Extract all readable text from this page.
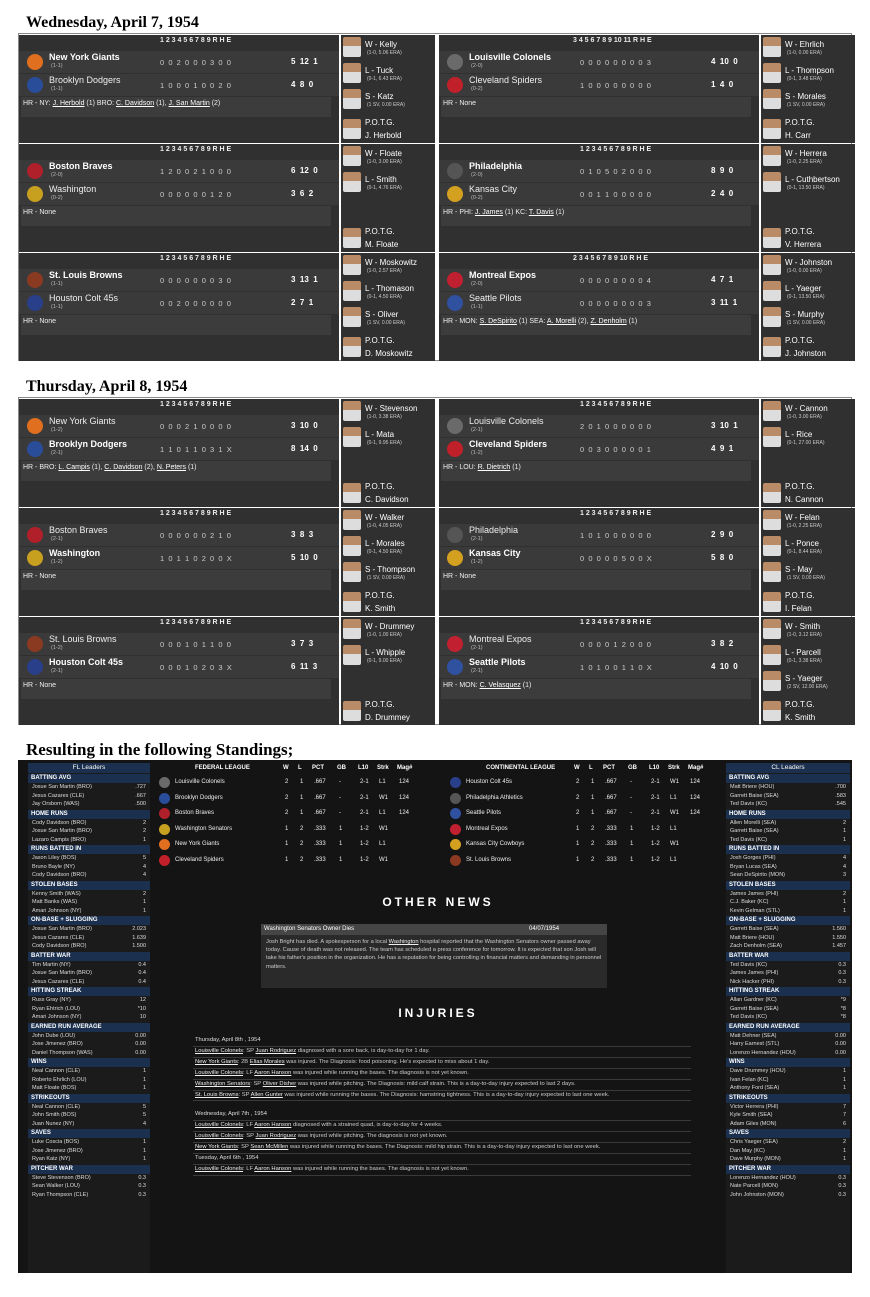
Wednesday, April 7, 1954
1 2 3 4 5 6 7 8 9 R H E
New York Giants
(1-1)	0  0  2  0  0  0  3  0  0	5  12  1
Brooklyn Dodgers
(1-1)	1  0  0  0  1  0  0  2  0	4  8  0
HR - NY: J. Herbold (1) BRO: C. Davidson (1), J. San Martin (2)
W - Kelly
(1-0, 5.06 ERA)
L - Tuck
(0-1, 6.43 ERA)
S - Katz
(1 SV, 0.00 ERA)
P.O.T.G.
J. Herbold
3 4 5 6 7 8 9 10 11 R H E
Louisville Colonels
(2-0)	0  0  0  0  0  0  0  0  3	4  10  0
Cleveland Spiders
(0-2)	1  0  0  0  0  0  0  0  0	1  4  0
HR - None
W - Ehrlich
(1-0, 0.00 ERA)
L - Thompson
(0-1, 3.48 ERA)
S - Morales
(1 SV, 0.00 ERA)
P.O.T.G.
H. Carr
1 2 3 4 5 6 7 8 9 R H E
Boston Braves
(2-0)	1  2  0  0  2  1  0  0  0	6  12  0
Washington
(0-2)	0  0  0  0  0  0  1  2  0	3  6  2
HR - None
W - Floate
(1-0, 3.00 ERA)
L - Smith
(0-1, 4.76 ERA)
P.O.T.G.
M. Floate
1 2 3 4 5 6 7 8 9 R H E
Philadelphia
(2-0)	0  1  0  5  0  2  0  0  0	8  9  0
Kansas City
(0-2)	0  0  1  1  0  0  0  0  0	2  4  0
HR - PHI: J. James (1) KC: T. Davis (1)
W - Herrera
(1-0, 2.25 ERA)
L - Cuthbertson
(0-1, 13.50 ERA)
P.O.T.G.
V. Herrera
1 2 3 4 5 6 7 8 9 R H E
St. Louis Browns
(1-1)	0  0  0  0  0  0  0  3  0	3  13  1
Houston Colt 45s
(1-1)	0  0  2  0  0  0  0  0  0	2  7  1
HR - None
W - Moskowitz
(1-0, 2.57 ERA)
L - Thomason
(0-1, 4.50 ERA)
S - Oliver
(1 SV, 0.00 ERA)
P.O.T.G.
D. Moskowitz
2 3 4 5 6 7 8 9 10 R H E
Montreal Expos
(2-0)	0  0  0  0  0  0  0  0  4	4  7  1
Seattle Pilots
(1-1)	0  0  0  0  0  0  0  0  3	3  11  1
HR - MON: S. DeSpirito (1) SEA: A. Morelli (2), Z. Denholm (1)
W - Johnston
(1-0, 0.00 ERA)
L - Yaeger
(0-1, 13.50 ERA)
S - Murphy
(1 SV, 0.00 ERA)
P.O.T.G.
J. Johnston
Thursday, April 8, 1954
1 2 3 4 5 6 7 8 9 R H E
New York Giants
(1-2)	0  0  0  2  1  0  0  0  0	3  10  0
Brooklyn Dodgers
(2-1)	1  1  0  1  1  0  3  1  X	8  14  0
HR - BRO: L. Campis (1), C. Davidson (2), N. Peters (1)
W - Stevenson
(1-0, 3.38 ERA)
L - Mata
(0-1, 9.95 ERA)
P.O.T.G.
C. Davidson
1 2 3 4 5 6 7 8 9 R H E
Louisville Colonels
(2-1)	2  0  1  0  0  0  0  0  0	3  10  1
Cleveland Spiders
(1-2)	0  0  3  0  0  0  0  0  1	4  9  1
HR - LOU: R. Dietrich (1)
W - Cannon
(1-0, 3.00 ERA)
L - Rice
(0-1, 27.00 ERA)
P.O.T.G.
N. Cannon
1 2 3 4 5 6 7 8 9 R H E
Boston Braves
(2-1)	0  0  0  0  0  0  2  1  0	3  8  3
Washington
(1-2)	1  0  1  1  0  2  0  0  X	5  10  0
HR - None
W - Walker
(1-0, 4.05 ERA)
L - Morales
(0-1, 4.50 ERA)
S - Thompson
(1 SV, 0.00 ERA)
P.O.T.G.
K. Smith
1 2 3 4 5 6 7 8 9 R H E
Philadelphia
(2-1)	1  0  1  0  0  0  0  0  0	2  9  0
Kansas City
(1-2)	0  0  0  0  0  5  0  0  X	5  8  0
HR - None
W - Felan
(1-0, 2.25 ERA)
L - Ponce
(0-1, 8.44 ERA)
S - May
(1 SV, 0.00 ERA)
P.O.T.G.
I. Felan
1 2 3 4 5 6 7 8 9 R H E
St. Louis Browns
(1-2)	0  0  0  1  0  1  1  0  0	3  7  3
Houston Colt 45s
(2-1)	0  0  0  1  0  2  0  3  X	6  11  3
HR - None
W - Drummey
(1-0, 1.00 ERA)
L - Whipple
(0-1, 9.00 ERA)
P.O.T.G.
D. Drummey
1 2 3 4 5 6 7 8 9 R H E
Montreal Expos
(2-1)	0  0  0  0  1  2  0  0  0	3  8  2
Seattle Pilots
(2-1)	1  0  1  0  0  1  1  0  X	4  10  0
HR - MON: C. Velasquez (1)
W - Smith
(1-0, 3.12 ERA)
L - Parcell
(0-1, 3.38 ERA)
S - Yaeger
(2 SV, 12.00 ERA)
P.O.T.G.
K. Smith
Resulting in the following Standings;
FL Leaders
BATTING AVG
Josue San Martin (BRO)	.727
Jesus Cazares (CLE)	.667
Jay Orsborn (WAS)	.500
HOME RUNS
Cody Davidson (BRO)	2
Josue San Martin (BRO)	2
Lazaro Campis (BRO)	1
RUNS BATTED IN
Jason Liley (BOS)	5
Bruno Bayle (NY)	4
Cody Davidson (BRO)	4
STOLEN BASES
Kenny Smith (WAS)	2
Matt Banks (WAS)	1
Amari Johnson (NY)	1
ON-BASE + SLUGGING
Josue San Martin (BRO)	2.023
Jesus Cazares (CLE)	1.639
Cody Davidson (BRO)	1.500
BATTER WAR
Tim Martin (NY)	0.4
Josue San Martin (BRO)	0.4
Jesus Cazares (CLE)	0.4
HITTING STREAK
Russ Gray (NY)	12
Ryan Ehtrich (LOU)	*10
Amari Johnson (NY)	10
EARNED RUN AVERAGE
John Dube (LOU)	0.00
Jose Jimenez (BRO)	0.00
Daniel Thompson (WAS)	0.00
WINS
Neal Cannon (CLE)	1
Roberto Ehrlich (LOU)	1
Matt Floate (BOS)	1
STRIKEOUTS
Neal Cannon (CLE)	5
John Smith (BOS)	5
Juan Nunez (NY)	4
SAVES
Luke Coscia (BOS)	1
Jose Jimenez (BRO)	1
Ryan Katz (NY)	1
PITCHER WAR
Steve Stevenson (BRO)	0.3
Sean Walker (LOU)	0.3
Ryan Thompson (CLE)	0.3
CL Leaders
BATTING AVG
Matt Briere (HOU)	.700
Garrett Baise (SEA)	.583
Ted Davis (KC)	.545
HOME RUNS
Allen Morelli (SEA)	2
Garrett Baise (SEA)	1
Ted Davis (KC)	1
RUNS BATTED IN
Josh Gorges (PHI)	4
Bryan Lucas (SEA)	4
Sean DeSpirito (MON)	3
STOLEN BASES
James James (PHI)	2
C.J. Baker (KC)	1
Kevin Gelman (STL)	1
ON-BASE + SLUGGING
Garrett Baise (SEA)	1.560
Matt Briere (HOU)	1.550
Zach Denholm (SEA)	1.457
BATTER WAR
Ted Davis (KC)	0.3
James James (PHI)	0.3
Nick Hacker (PHI)	0.3
HITTING STREAK
Allan Gardner (KC)	*9
Garrett Baise (SEA)	*8
Ted Davis (KC)	*8
EARNED RUN AVERAGE
Matt Dehner (SEA)	0.00
Harry Earnest (STL)	0.00
Lorenzo Hernandez (HOU)	0.00
WINS
Dave Drummey (HOU)	1
Ivan Felan (KC)	1
Anthony Ford (SEA)	1
STRIKEOUTS
Victor Herrera (PHI)	7
Kyle Smith (SEA)	7
Adam Giles (MON)	6
SAVES
Chris Yaeger (SEA)	2
Dan May (KC)	1
Dave Murphy (MON)	1
PITCHER WAR
Lorenzo Hernandez (HOU)	0.3
Nate Parcell (MON)	0.3
John Johnston (MON)	0.3
FEDERAL LEAGUE	W L PCT GB L10 Strk Mag#
Louisville Colonels	2 1 .667 -	2-1 L1 124
Brooklyn Dodgers	2 1 .667 -	2-1 W1 124
Boston Braves	2 1 .667 -	2-1 L1 124
Washington Senators	1 2 .333 1	1-2 W1
New York Giants	1 2 .333 1	1-2 L1
Cleveland Spiders	1 2 .333 1	1-2 W1
CONTINENTAL LEAGUE	W L PCT GB L10 Strk Mag#
Houston Colt 45s	2 1 .667 -	2-1 W1 124
Philadelphia Athletics	2 1 .667 -	2-1 L1 124
Seattle Pilots	2 1 .667 -	2-1 W1 124
Montreal Expos	1 2 .333 1	1-2 L1
Kansas City Cowboys	1 2 .333 1	1-2 W1
St. Louis Browns	1 2 .333 1	1-2 L1
OTHER NEWS
Washington Senators Owner Dies	04/07/1954
Josh Bright has died. A spokesperson for a local Washington hospital reported that the Washington Senators owner passed away today. Cause of death was not released. The team has scheduled a press conference for tomorrow. It is expected that son Josh will take his father's position in the organization. He has a reputation for being controlling in financial matters and demanding in personnel matters.
INJURIES
Thursday, April 8th , 1954
Louisville Colonels: SP Juan Rodriguez diagnosed with a sore back, is day-to-day for 1 day.
New York Giants: 2B Elias Morales was injured. The Diagnosis: food poisoning. He's expected to miss about 1 day.
Louisville Colonels: LF Aaron Hanson was injured while running the bases. The diagnosis is not yet known.
Washington Senators: SP Oliver Disher was injured while pitching. The Diagnosis: mild calf strain. This is a day-to-day injury expected to last 2 days.
St. Louis Browns: SP Allen Gunter was injured while running the bases. The Diagnosis: hamstring tightness. This is a day-to-day injury expected to last one week.
Wednesday, April 7th , 1954
Louisville Colonels: LF Aaron Hanson diagnosed with a strained quad, is day-to-day for 4 weeks.
Louisville Colonels: SP Juan Rodriguez was injured while pitching. The diagnosis is not yet known.
New York Giants: SP Sean McMillen was injured while running the bases. The Diagnosis: mild hip strain. This is a day-to-day injury expected to last one week.
Tuesday, April 6th , 1954
Louisville Colonels: LF Aaron Hanson was injured while running the bases. The diagnosis is not yet known.
